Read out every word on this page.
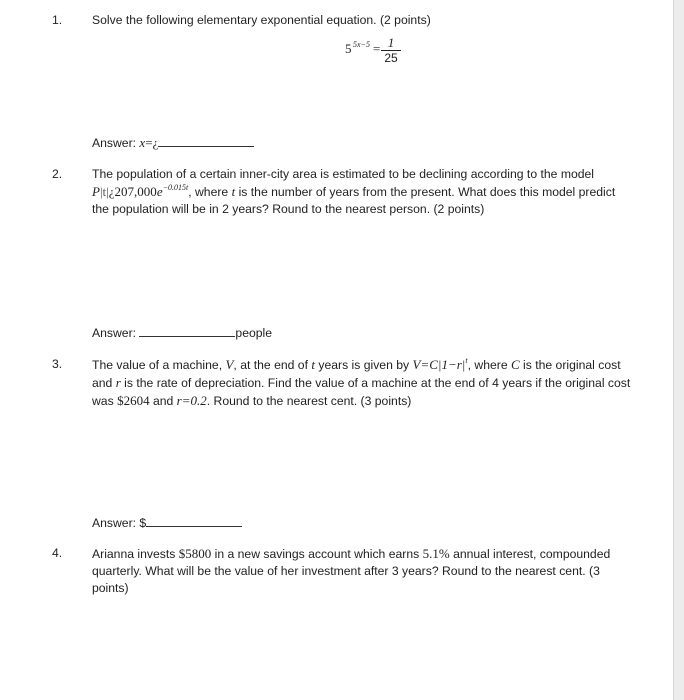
1. Solve the following elementary exponential equation. (2 points)
5 $5x-5 = \frac{1}{25}$
Answer: x=¿
2. The population of a certain inner-city area is estimated to be declining according to the model
$P|t|¿207,000e^{-0.015t}$, where t is the number of years from the present. What does this model predict
the population will be in 2 years? Round to the nearest person. (2 points)
Answer:	people
3. The value of a machine, V, at the end of t years is given by $V=C|1-r|^t$, where C is the original cost
and r is the rate of depreciation. Find the value of a machine at the end of 4 years if the original cost
was $2604 and r=0.2. Round to the nearest cent. (3 points)
Answer: $
4. Arianna invests $5800 in a new savings account which earns 5.1% annual interest, compounded
quarterly. What will be the value of her investment after 3 years? Round to the nearest cent. (3
points)
